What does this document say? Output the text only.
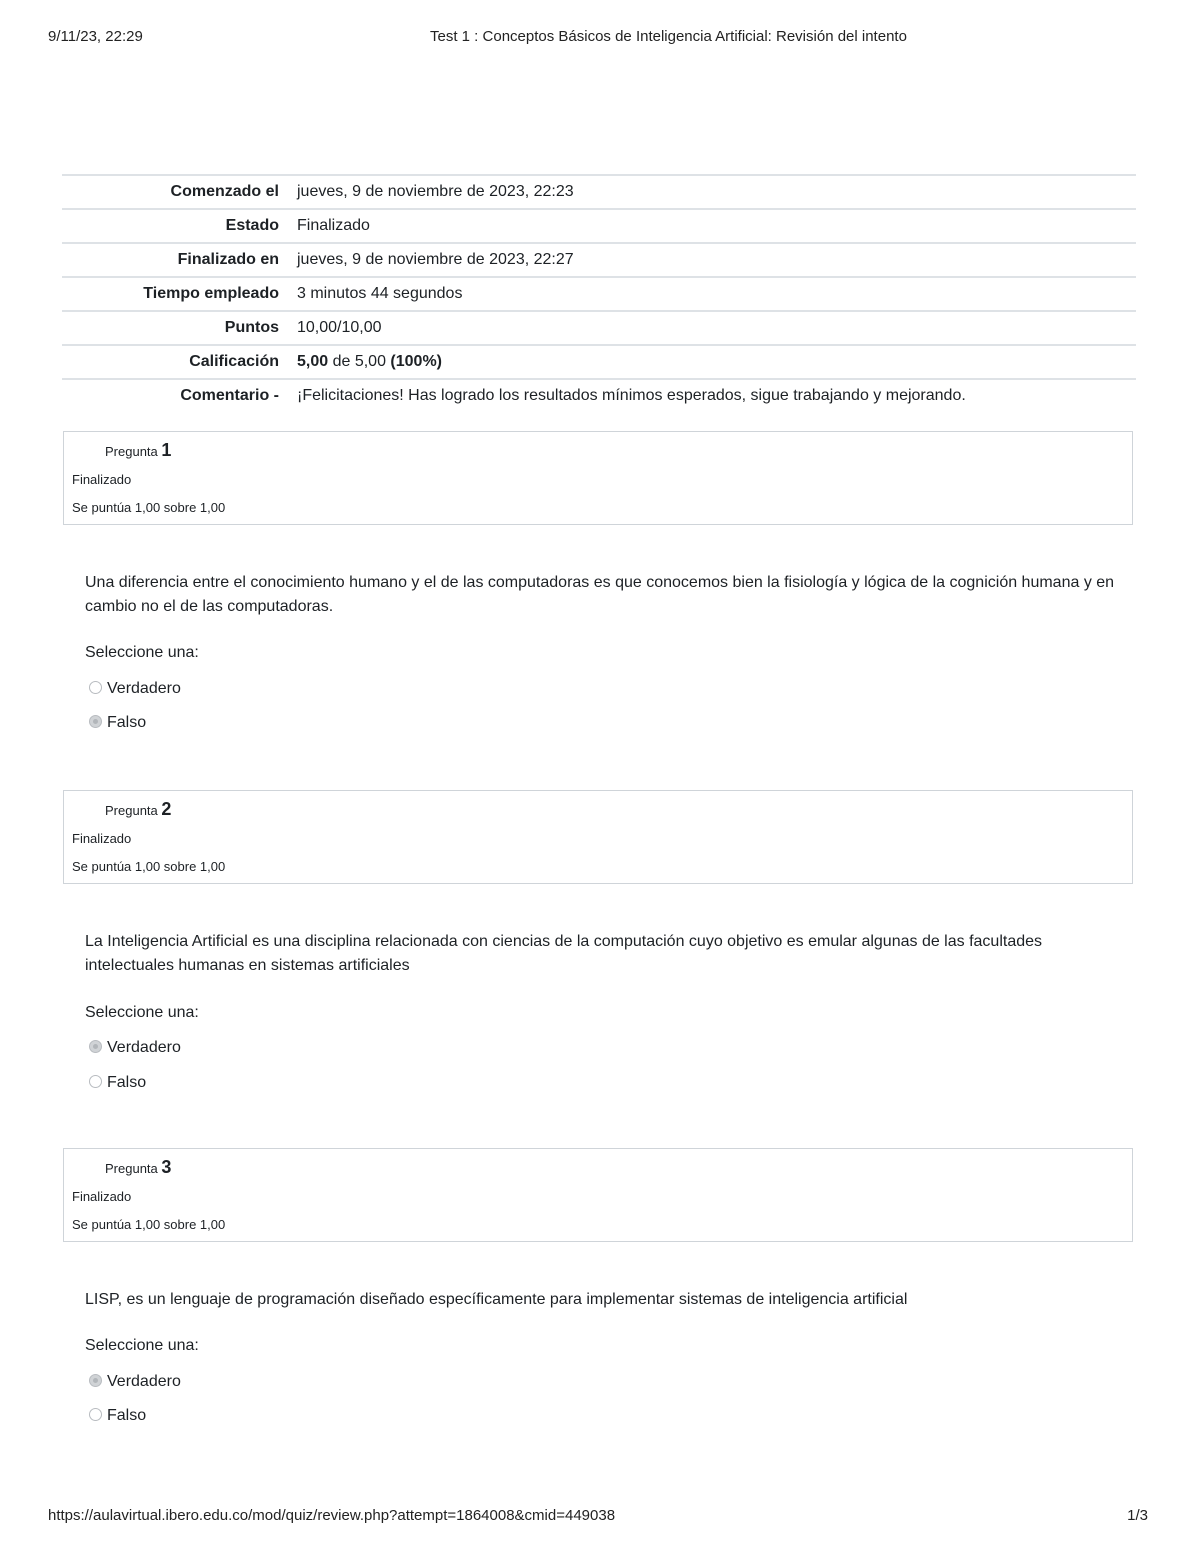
9/11/23, 22:29	Test 1 : Conceptos Básicos de Inteligencia Artificial: Revisión del intento
Comenzado el	jueves, 9 de noviembre de 2023, 22:23
Estado	Finalizado
Finalizado en	jueves, 9 de noviembre de 2023, 22:27
Tiempo empleado	3 minutos 44 segundos
Puntos	10,00/10,00
Calificación	5,00 de 5,00 (100%)
Comentario -	¡Felicitaciones! Has logrado los resultados mínimos esperados, sigue trabajando y mejorando.
Pregunta 1
Finalizado
Se puntúa 1,00 sobre 1,00
Una diferencia entre el conocimiento humano y el de las computadoras es que conocemos bien la fisiología y lógica de la cognición humana y en cambio no el de las computadoras.
Seleccione una:
Verdadero
Falso
Pregunta 2
Finalizado
Se puntúa 1,00 sobre 1,00
La Inteligencia Artificial es una disciplina relacionada con ciencias de la computación cuyo objetivo es emular algunas de las facultades intelectuales humanas en sistemas artificiales
Seleccione una:
Verdadero
Falso
Pregunta 3
Finalizado
Se puntúa 1,00 sobre 1,00
LISP, es un lenguaje de programación diseñado específicamente para implementar sistemas de inteligencia artificial
Seleccione una:
Verdadero
Falso
https://aulavirtual.ibero.edu.co/mod/quiz/review.php?attempt=1864008&cmid=449038	1/3
